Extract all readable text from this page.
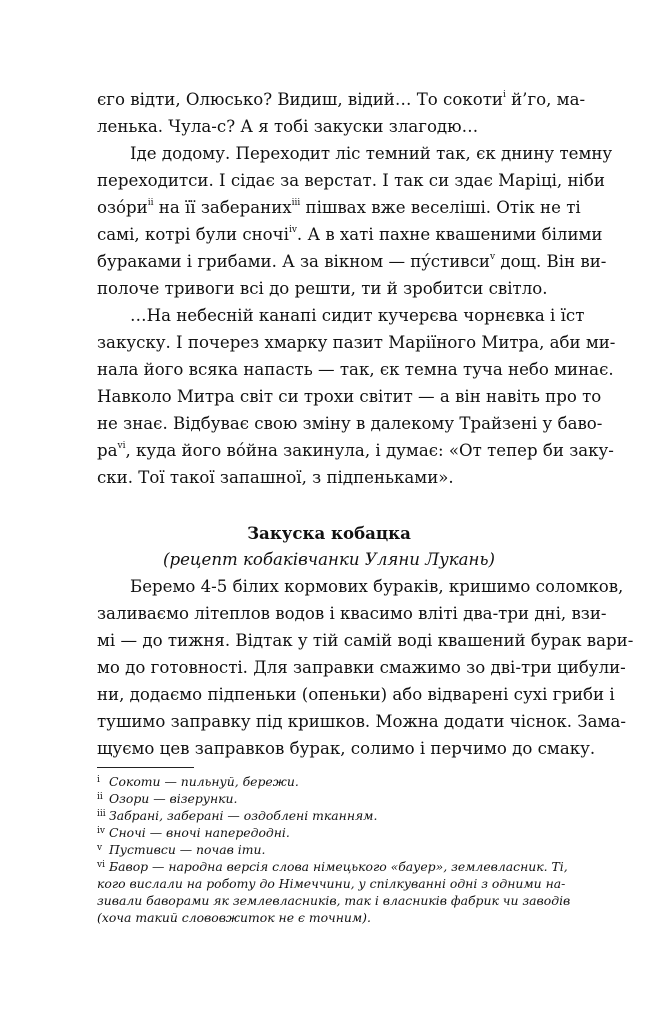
єго відти, Олюсько? Видиш, відий… То сокоти$^i$ й’го, ма-

ленька. Чула-с? А я тобі закуски злагодю…

Іде додому. Переходит ліс темний так, єк днину темну

переходитси. І сідає за верстат. І так си здає Маріці, ніби

озóри$^{ii}$ на її забераних$^{iii}$ пішвах вже веселіші. Отік не ті

самі, котрі були сночі$^{iv}$. А в хаті пахне квашеними білими

бураками і грибами. А за вікном — пýстивси$^v$ дощ. Він ви-

полоче тривоги всі до решти, ти й зробитси світло.

…На небесній канапі сидит кучерєва чорнєвка і їст

закуску. І почерез хмарку пазит Маріїного Митра, аби ми-

нала його всяка напасть — так, єк темна туча небо минає.

Навколо Митра світ си трохи світит — а він навіть про то

не знає. Відбуває свою зміну в далекому Трайзені у бавo-

$ра^{vi}$, куда його вóйна закинула, і думає: «От тепер би заку-

ски. Тої такої запашної, з підпеньками».

Закуска кобацка

(рецепт кобаківчанки Уляни Лукань)

Беремо 4-5 білих кормових бураків, кришимо соломков,

заливаємо літеплов водов і квасимо вліті два-три дні, взи-

мі — до тижня. Відтак у тій самій воді квашений бурак вари-

мо до готовності. Для заправки смажимо зо дві-три цибули-

ни, додаємо підпеньки (опеньки) або відварені сухі гриби і

тушимо заправку під кришков. Можна додати чіснок. Зама-

щуємо цев заправков бурак, солимо і перчимо до смаку.

i Сокоти — пильнуй, бережи.
ii Озори — візерунки.
iii Забрані, заберані — оздоблені тканням.
iv Сночі — вночі напередодні.
v Пустивси — почав іти.
vi Бавор — народна версія слова німецького «бауер», землевласник. Ті,
кого вислали на роботу до Німеччини, у спілкуванні одні з одними на-
зивали баворами як землевласників, так і власників фабрик чи заводів
(хоча такий слововжиток не є точним).
